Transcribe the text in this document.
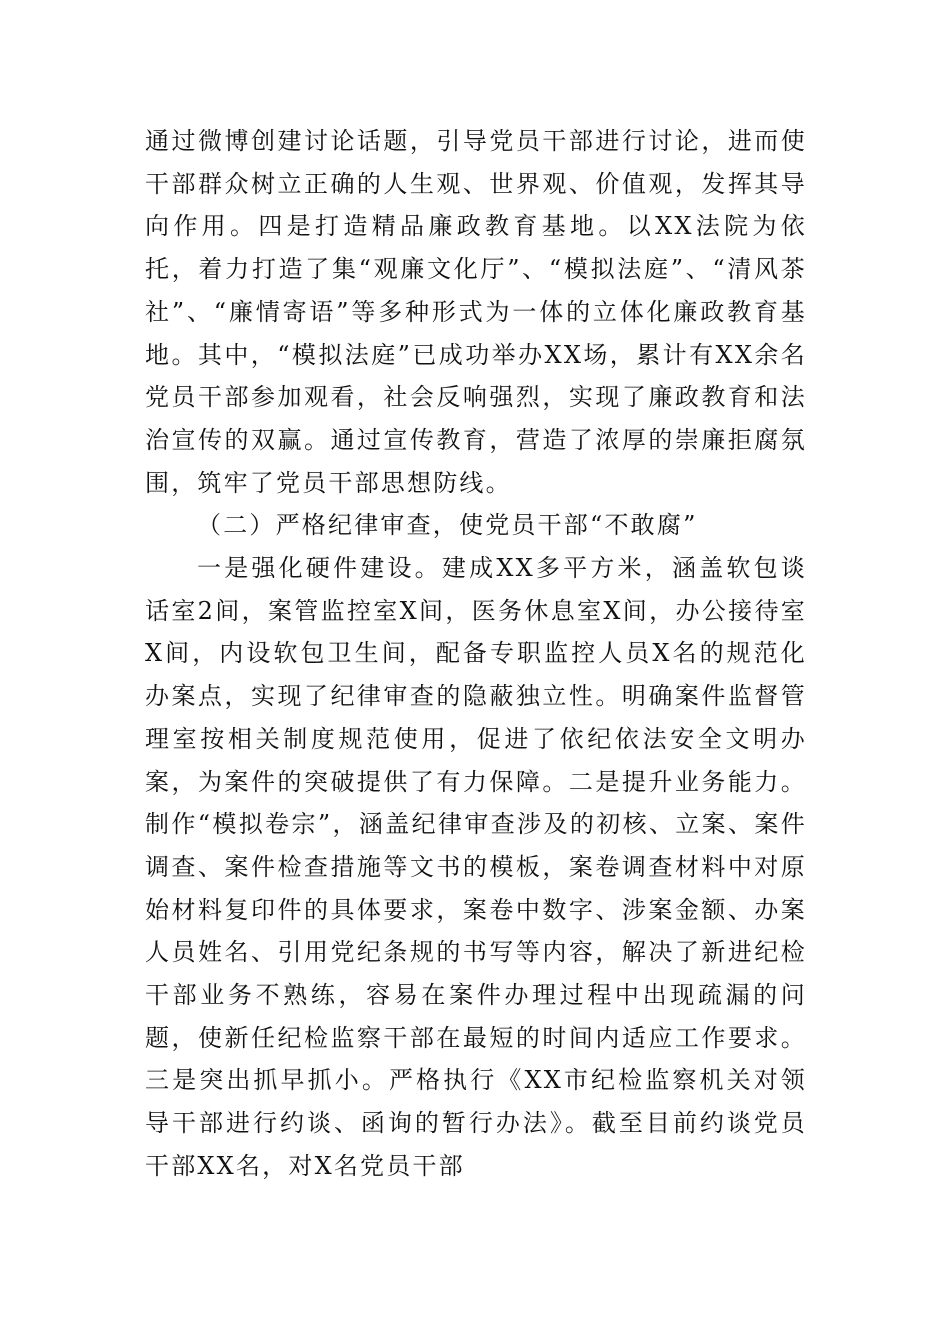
通过微博创建讨论话题，引导党员干部进行讨论，进而使干部群众树立正确的人生观、世界观、价值观，发挥其导向作用。四是打造精品廉政教育基地。以XX法院为依托，着力打造了集“观廉文化厅”、“模拟法庭”、“清风茶社”、“廉情寄语”等多种形式为一体的立体化廉政教育基地。其中，“模拟法庭”已成功举办XX场，累计有XX余名党员干部参加观看，社会反响强烈，实现了廉政教育和法治宣传的双赢。通过宣传教育，营造了浓厚的崇廉拒腐氛围，筑牢了党员干部思想防线。

（二）严格纪律审查，使党员干部“不敢腐”

一是强化硬件建设。建成XX多平方米，涵盖软包谈话室2间，案管监控室X间，医务休息室X间，办公接待室X间，内设软包卫生间，配备专职监控人员X名的规范化办案点，实现了纪律审查的隐蔽独立性。明确案件监督管理室按相关制度规范使用，促进了依纪依法安全文明办案，为案件的突破提供了有力保障。二是提升业务能力。制作“模拟卷宗”，涵盖纪律审查涉及的初核、立案、案件调查、案件检查措施等文书的模板，案卷调查材料中对原始材料复印件的具体要求，案卷中数字、涉案金额、办案人员姓名、引用党纪条规的书写等内容，解决了新进纪检干部业务不熟练，容易在案件办理过程中出现疏漏的问题，使新任纪检监察干部在最短的时间内适应工作要求。三是突出抓早抓小。严格执行《XX市纪检监察机关对领导干部进行约谈、函询的暂行办法》。截至目前约谈党员干部XX名，对X名党员干部
